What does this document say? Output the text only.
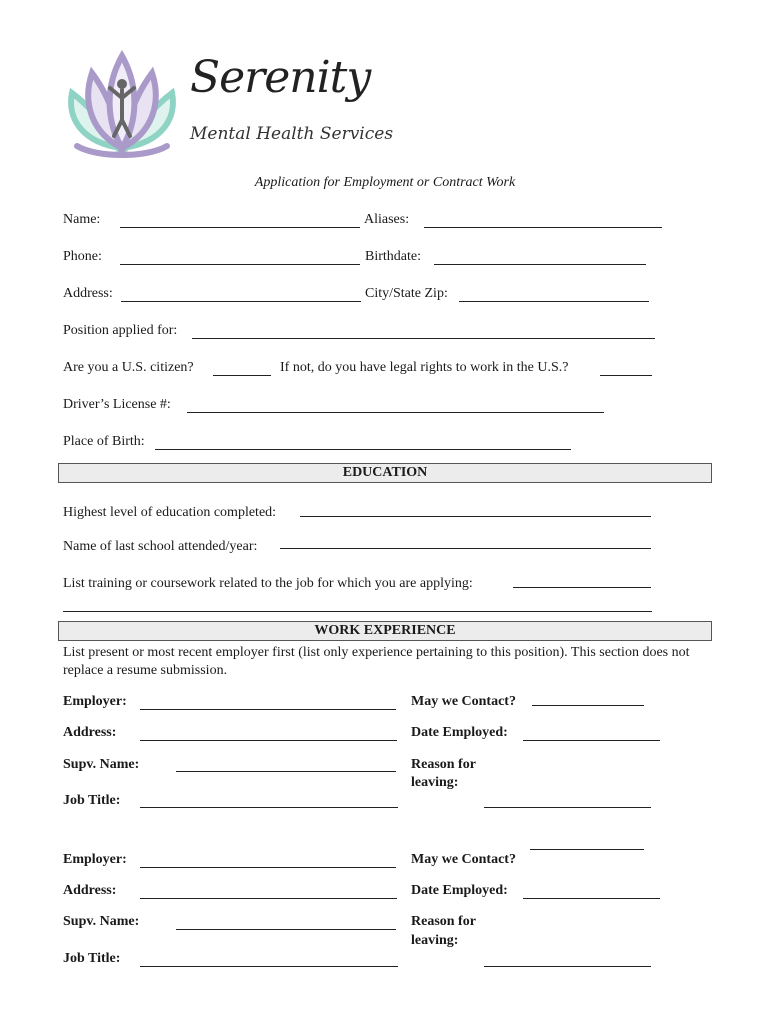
Serenity
Mental Health Services
Application for Employment or Contract Work
Name:	Aliases:
Phone:	Birthdate:
Address:	City/State Zip:
Position applied for:
Are you a U.S. citizen?	If not, do you have legal rights to work in the U.S.?
Driver’s License #:
Place of Birth:
EDUCATION
Highest level of education completed:
Name of last school attended/year:
List training or coursework related to the job for which you are applying:
WORK EXPERIENCE
List present or most recent employer first (list only experience pertaining to this position). This section does not replace a resume submission.
Employer:	May we Contact?
Address:	Date Employed:
Supv. Name:	Reason for
leaving:
Job Title:
Employer:	May we Contact?
Address:	Date Employed:
Supv. Name:	Reason for
leaving:
Job Title:
